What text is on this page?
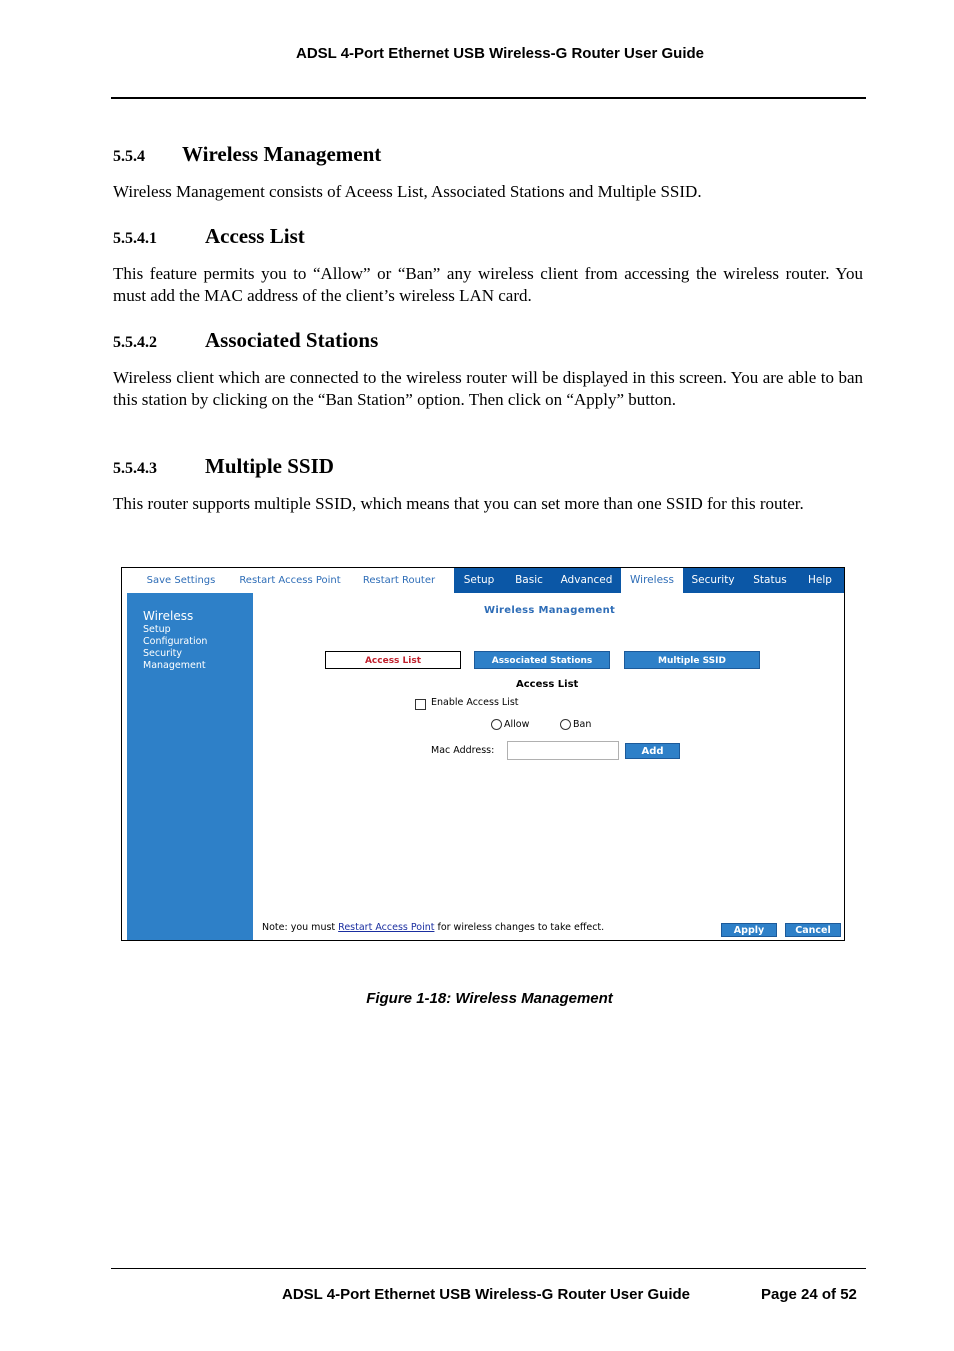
ADSL 4-Port Ethernet USB Wireless-G Router User Guide
5.5.4 Wireless Management
Wireless Management consists of Aceess List, Associated Stations and Multiple SSID.
5.5.4.1 Access List
This feature permits you to “Allow” or “Ban” any wireless client from accessing the wireless router. You must add the MAC address of the client’s wireless LAN card.
5.5.4.2 Associated Stations
Wireless client which are connected to the wireless router will be displayed in this screen. You are able to ban this station by clicking on the “Ban Station” option. Then click on “Apply” button.
5.5.4.3 Multiple SSID
This router supports multiple SSID, which means that you can set more than one SSID for this router.
Save Settings	Restart Access Point	Restart Router	Setup	Basic	Advanced	Wireless	Security	Status	Help
Wireless
Setup
Configuration
Security
Management
Wireless Management
Access List	Associated Stations	Multiple SSID
Access List
Enable Access List
Allow	Ban
Mac Address:	Add
Note: you must Restart Access Point for wireless changes to take effect.	Apply	Cancel
Figure 1-18: Wireless Management
ADSL 4-Port Ethernet USB Wireless-G Router User Guide	Page 24 of 52
